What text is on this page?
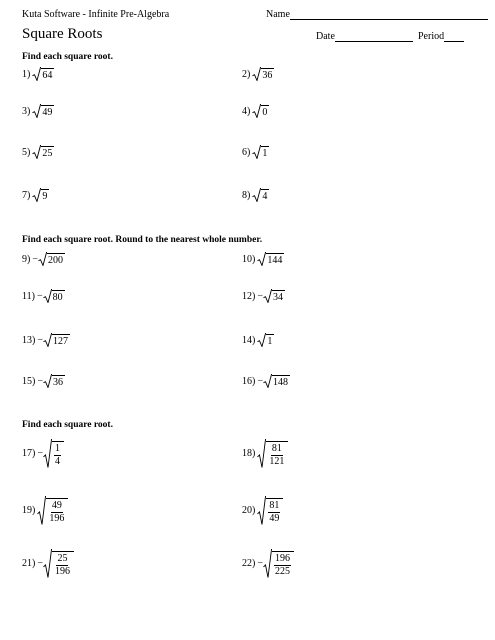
Kuta Software - Infinite Pre-Algebra	Name
Square Roots	Date	Period
Find each square root.
Find each square root. Round to the nearest whole number.
Find each square root.
1) 64	2) 36
3) 49	4) 0
5) 25	6) 1
7) 9	8) 4
9) − 200	10) 144
11) − 80	12) − 34
13) − 127	14) 1
15) − 36	16) − 148
$17) - \frac{1}{4}$	$18) \frac{81}{121}$
$19) \frac{49}{196}$	$20) \frac{81}{49}$
$21) - \frac{25}{196}$	$22) - \frac{196}{225}$
